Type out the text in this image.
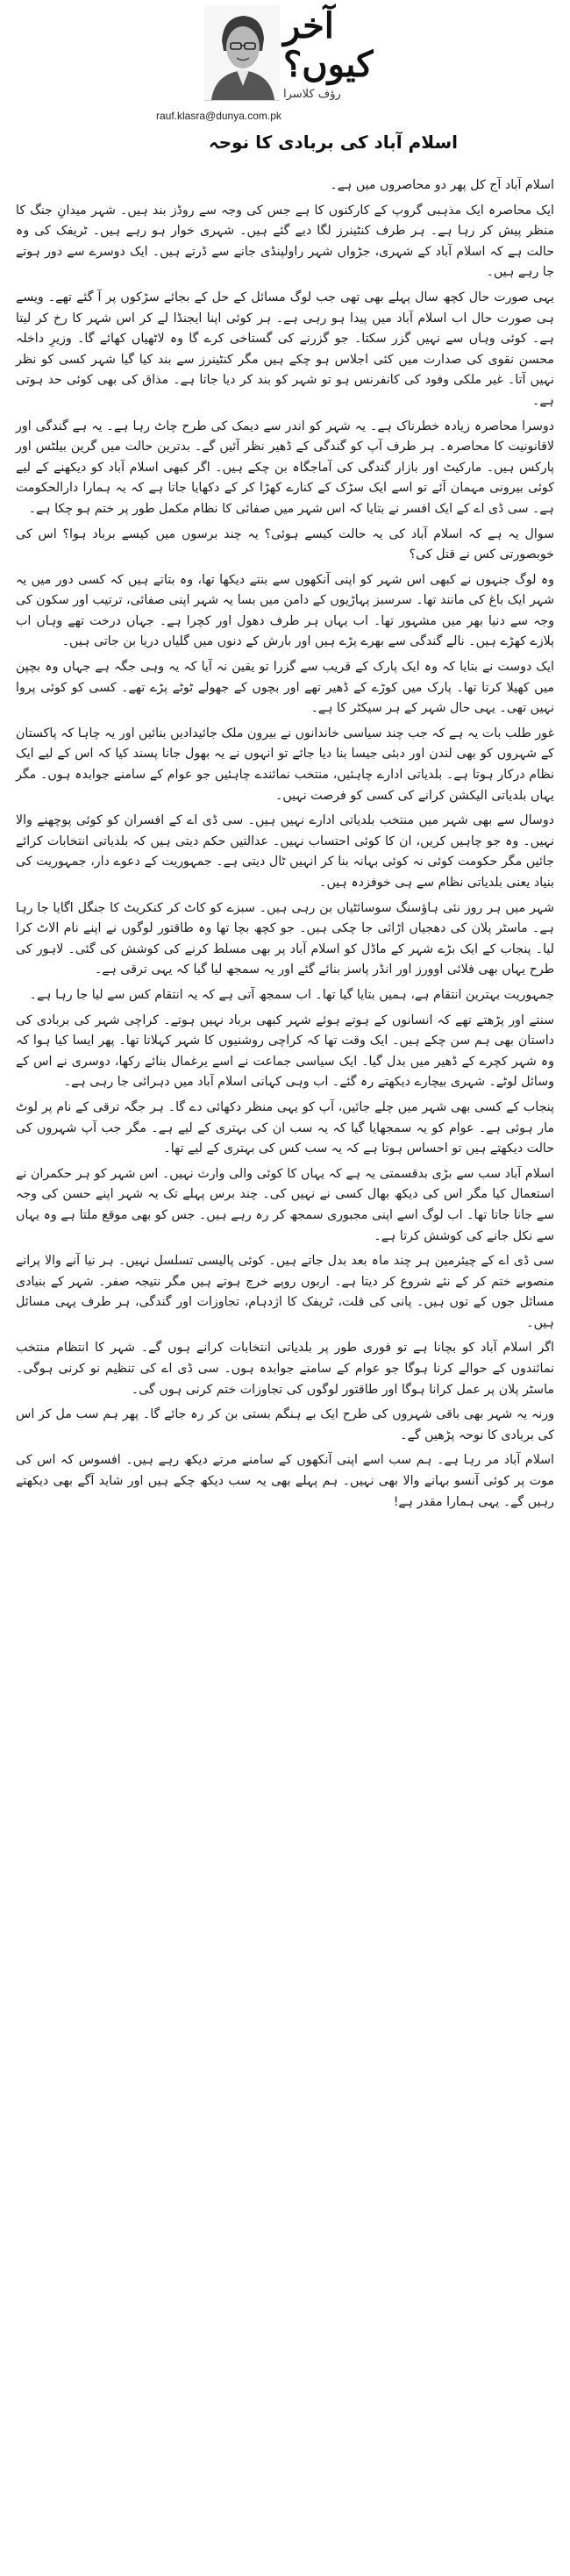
آخر کیوں؟
رؤف کلاسرا
rauf.klasra@dunya.com.pk
اسلام آباد کی بربادی کا نوحہ

اسلام آباد آج کل پھر دو محاصروں میں ہے۔

ایک محاصرہ ایک مذہبی گروپ کے کارکنوں کا ہے جس کی وجہ سے روڈز بند ہیں۔ شہر میدانِ جنگ کا منظر پیش کر رہا ہے۔ ہر طرف کنٹینرز لگا دیے گئے ہیں۔ شہری خوار ہو رہے ہیں۔ ٹریفک کی وہ حالت ہے کہ اسلام آباد کے شہری، جڑواں شہر راولپنڈی جانے سے ڈرتے ہیں۔ ایک دوسرے سے دور ہوتے جا رہے ہیں۔

یہی صورت حال کچھ سال پہلے بھی تھی جب لوگ مسائل کے حل کے بجائے سڑکوں پر آ گئے تھے۔ ویسے ہی صورت حال اب اسلام آباد میں پیدا ہو رہی ہے۔ ہر کوئی اپنا ایجنڈا لے کر اس شہر کا رخ کر لیتا ہے۔ کوئی وہاں سے نہیں گزر سکتا۔ جو گزرنے کی گستاخی کرے گا وہ لاٹھیاں کھائے گا۔ وزیرِ داخلہ محسن نقوی کی صدارت میں کئی اجلاس ہو چکے ہیں مگر کنٹینرز سے بند کیا گیا شہر کسی کو نظر نہیں آتا۔ غیر ملکی وفود کی کانفرنس ہو تو شہر کو بند کر دیا جاتا ہے۔ مذاق کی بھی کوئی حد ہوتی ہے۔

دوسرا محاصرہ زیادہ خطرناک ہے۔ یہ شہر کو اندر سے دیمک کی طرح چاٹ رہا ہے۔ یہ ہے گندگی اور لاقانونیت کا محاصرہ۔ ہر طرف آپ کو گندگی کے ڈھیر نظر آئیں گے۔ بدترین حالت میں گرین بیلٹس اور پارکس ہیں۔ مارکیٹ اور بازار گندگی کی آماجگاہ بن چکے ہیں۔ اگر کبھی اسلام آباد کو دیکھنے کے لیے کوئی بیرونی مہمان آئے تو اسے ایک سڑک کے کنارے کھڑا کر کے دکھایا جاتا ہے کہ یہ ہمارا دارالحکومت ہے۔ سی ڈی اے کے ایک افسر نے بتایا کہ اس شہر میں صفائی کا نظام مکمل طور پر ختم ہو چکا ہے۔

سوال یہ ہے کہ اسلام آباد کی یہ حالت کیسے ہوئی؟ یہ چند برسوں میں کیسے برباد ہوا؟ اس کی خوبصورتی کس نے قتل کی؟

وہ لوگ جنہوں نے کبھی اس شہر کو اپنی آنکھوں سے بنتے دیکھا تھا، وہ بتاتے ہیں کہ کسی دور میں یہ شہر ایک باغ کی مانند تھا۔ سرسبز پہاڑیوں کے دامن میں بسا یہ شہر اپنی صفائی، ترتیب اور سکون کی وجہ سے دنیا بھر میں مشہور تھا۔ اب یہاں ہر طرف دھول اور کچرا ہے۔ جہاں درخت تھے وہاں اب پلازے کھڑے ہیں۔ نالے گندگی سے بھرے پڑے ہیں اور بارش کے دنوں میں گلیاں دریا بن جاتی ہیں۔

ایک دوست نے بتایا کہ وہ ایک پارک کے قریب سے گزرا تو یقین نہ آیا کہ یہ وہی جگہ ہے جہاں وہ بچپن میں کھیلا کرتا تھا۔ پارک میں کوڑے کے ڈھیر تھے اور بچوں کے جھولے ٹوٹے پڑے تھے۔ کسی کو کوئی پروا نہیں تھی۔ یہی حال شہر کے ہر سیکٹر کا ہے۔

غور طلب بات یہ ہے کہ جب چند سیاسی خاندانوں نے بیرون ملک جائیدادیں بنائیں اور یہ چاہا کہ پاکستان کے شہروں کو بھی لندن اور دبئی جیسا بنا دیا جائے تو انہوں نے یہ بھول جانا پسند کیا کہ اس کے لیے ایک نظام درکار ہوتا ہے۔ بلدیاتی ادارے چاہئیں، منتخب نمائندے چاہئیں جو عوام کے سامنے جوابدہ ہوں۔ مگر یہاں بلدیاتی الیکشن کرانے کی کسی کو فرصت نہیں۔

دوسال سے بھی شہر میں منتخب بلدیاتی ادارے نہیں ہیں۔ سی ڈی اے کے افسران کو کوئی پوچھنے والا نہیں۔ وہ جو چاہیں کریں، ان کا کوئی احتساب نہیں۔ عدالتیں حکم دیتی ہیں کہ بلدیاتی انتخابات کرائے جائیں مگر حکومت کوئی نہ کوئی بہانہ بنا کر انہیں ٹال دیتی ہے۔ جمہوریت کے دعوے دار، جمہوریت کی بنیاد یعنی بلدیاتی نظام سے ہی خوفزدہ ہیں۔

شہر میں ہر روز نئی ہاؤسنگ سوسائٹیاں بن رہی ہیں۔ سبزے کو کاٹ کر کنکریٹ کا جنگل اگایا جا رہا ہے۔ ماسٹر پلان کی دھجیاں اڑائی جا چکی ہیں۔ جو کچھ بچا تھا وہ طاقتور لوگوں نے اپنے نام الاٹ کرا لیا۔ پنجاب کے ایک بڑے شہر کے ماڈل کو اسلام آباد پر بھی مسلط کرنے کی کوشش کی گئی۔ لاہور کی طرح یہاں بھی فلائی اوورز اور انڈر پاسز بنائے گئے اور یہ سمجھ لیا گیا کہ یہی ترقی ہے۔

جمہوریت بہترین انتقام ہے، ہمیں بتایا گیا تھا۔ اب سمجھ آتی ہے کہ یہ انتقام کس سے لیا جا رہا ہے۔

سنتے اور پڑھتے تھے کہ انسانوں کے ہوتے ہوئے شہر کبھی برباد نہیں ہوتے۔ کراچی شہر کی بربادی کی داستان بھی ہم سن چکے ہیں۔ ایک وقت تھا کہ کراچی روشنیوں کا شہر کہلاتا تھا۔ پھر ایسا کیا ہوا کہ وہ شہر کچرے کے ڈھیر میں بدل گیا۔ ایک سیاسی جماعت نے اسے یرغمال بنائے رکھا، دوسری نے اس کے وسائل لوٹے۔ شہری بیچارے دیکھتے رہ گئے۔ اب وہی کہانی اسلام آباد میں دہرائی جا رہی ہے۔

پنجاب کے کسی بھی شہر میں چلے جائیں، آپ کو یہی منظر دکھائی دے گا۔ ہر جگہ ترقی کے نام پر لوٹ مار ہوئی ہے۔ عوام کو یہ سمجھایا گیا کہ یہ سب ان کی بہتری کے لیے ہے۔ مگر جب آپ شہروں کی حالت دیکھتے ہیں تو احساس ہوتا ہے کہ یہ سب کس کی بہتری کے لیے تھا۔

اسلام آباد سب سے بڑی بدقسمتی یہ ہے کہ یہاں کا کوئی والی وارث نہیں۔ اس شہر کو ہر حکمران نے استعمال کیا مگر اس کی دیکھ بھال کسی نے نہیں کی۔ چند برس پہلے تک یہ شہر اپنے حسن کی وجہ سے جانا جاتا تھا۔ اب لوگ اسے اپنی مجبوری سمجھ کر رہ رہے ہیں۔ جس کو بھی موقع ملتا ہے وہ یہاں سے نکل جانے کی کوشش کرتا ہے۔

سی ڈی اے کے چیئرمین ہر چند ماہ بعد بدل جاتے ہیں۔ کوئی پالیسی تسلسل نہیں۔ ہر نیا آنے والا پرانے منصوبے ختم کر کے نئے شروع کر دیتا ہے۔ اربوں روپے خرچ ہوتے ہیں مگر نتیجہ صفر۔ شہر کے بنیادی مسائل جوں کے توں ہیں۔ پانی کی قلت، ٹریفک کا اژدہام، تجاوزات اور گندگی، ہر طرف یہی مسائل ہیں۔

اگر اسلام آباد کو بچانا ہے تو فوری طور پر بلدیاتی انتخابات کرانے ہوں گے۔ شہر کا انتظام منتخب نمائندوں کے حوالے کرنا ہوگا جو عوام کے سامنے جوابدہ ہوں۔ سی ڈی اے کی تنظیم نو کرنی ہوگی۔ ماسٹر پلان پر عمل کرانا ہوگا اور طاقتور لوگوں کی تجاوزات ختم کرنی ہوں گی۔

ورنہ یہ شہر بھی باقی شہروں کی طرح ایک بے ہنگم بستی بن کر رہ جائے گا۔ پھر ہم سب مل کر اس کی بربادی کا نوحہ پڑھیں گے۔

اسلام آباد مر رہا ہے۔ ہم سب اسے اپنی آنکھوں کے سامنے مرتے دیکھ رہے ہیں۔ افسوس کہ اس کی موت پر کوئی آنسو بہانے والا بھی نہیں۔ ہم پہلے بھی یہ سب دیکھ چکے ہیں اور شاید آگے بھی دیکھتے رہیں گے۔ یہی ہمارا مقدر ہے!
